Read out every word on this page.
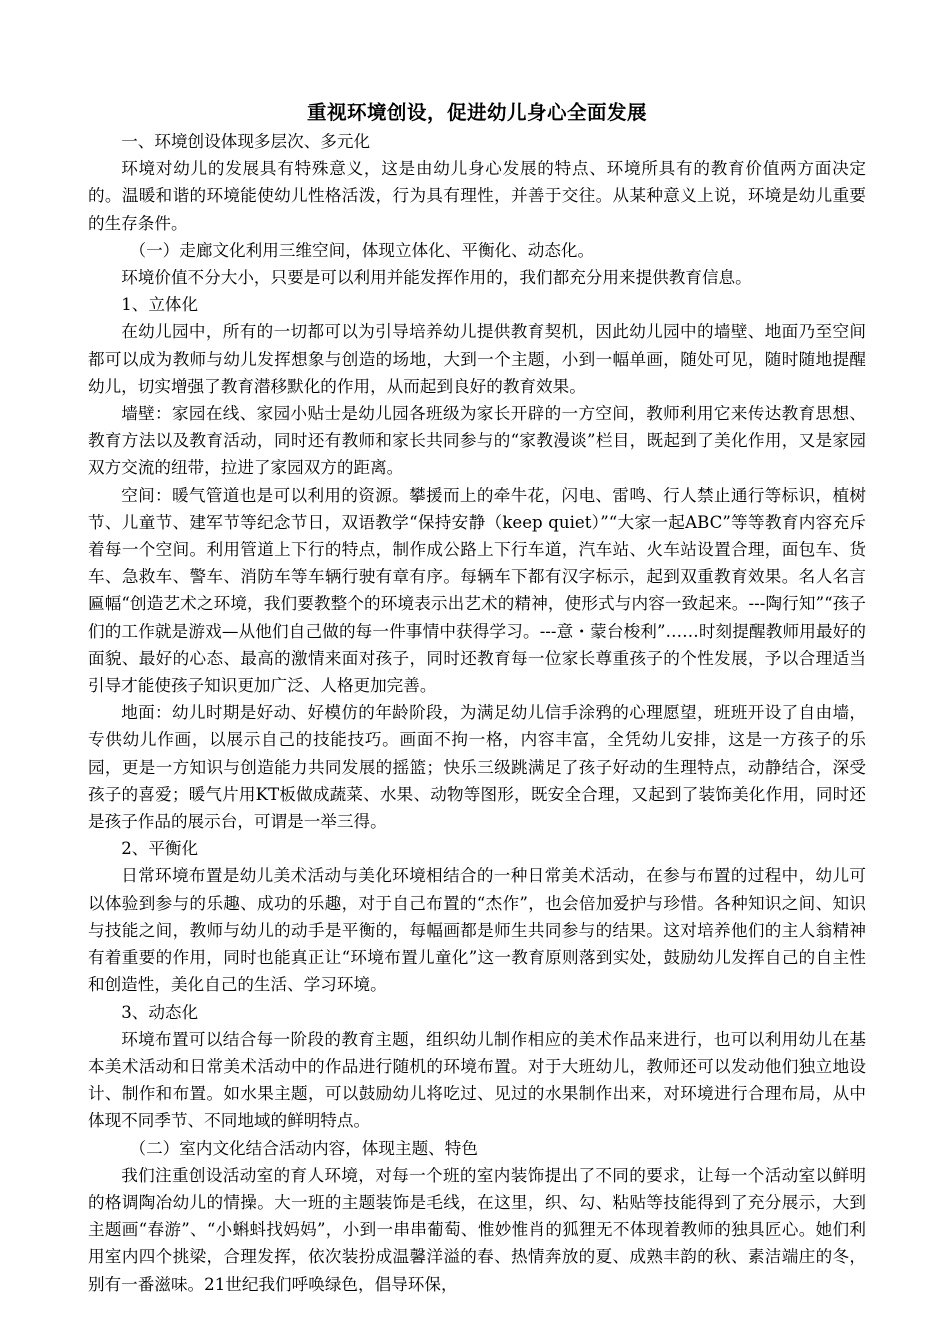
重视环境创设，促进幼儿身心全面发展

一、环境创设体现多层次、多元化

环境对幼儿的发展具有特殊意义，这是由幼儿身心发展的特点、环境所具有的教育价值两方面决定的。温暖和谐的环境能使幼儿性格活泼，行为具有理性，并善于交往。从某种意义上说，环境是幼儿重要的生存条件。

（一）走廊文化利用三维空间，体现立体化、平衡化、动态化。

环境价值不分大小，只要是可以利用并能发挥作用的，我们都充分用来提供教育信息。

1、立体化

在幼儿园中，所有的一切都可以为引导培养幼儿提供教育契机，因此幼儿园中的墙壁、地面乃至空间都可以成为教师与幼儿发挥想象与创造的场地，大到一个主题，小到一幅单画，随处可见，随时随地提醒幼儿，切实增强了教育潜移默化的作用，从而起到良好的教育效果。

墙壁：家园在线、家园小贴士是幼儿园各班级为家长开辟的一方空间，教师利用它来传达教育思想、教育方法以及教育活动，同时还有教师和家长共同参与的“家教漫谈”栏目，既起到了美化作用，又是家园双方交流的纽带，拉进了家园双方的距离。

空间：暖气管道也是可以利用的资源。攀援而上的牵牛花，闪电、雷鸣、行人禁止通行等标识，植树节、儿童节、建军节等纪念节日，双语教学“保持安静（keep quiet）”“大家一起ABC”等等教育内容充斥着每一个空间。利用管道上下行的特点，制作成公路上下行车道，汽车站、火车站设置合理，面包车、货车、急救车、警车、消防车等车辆行驶有章有序。每辆车下都有汉字标示，起到双重教育效果。名人名言匾幅“创造艺术之环境，我们要教整个的环境表示出艺术的精神，使形式与内容一致起来。---陶行知”“孩子们的工作就是游戏—从他们自己做的每一件事情中获得学习。---意・蒙台梭利”……时刻提醒教师用最好的面貌、最好的心态、最高的激情来面对孩子，同时还教育每一位家长尊重孩子的个性发展，予以合理适当引导才能使孩子知识更加广泛、人格更加完善。

地面：幼儿时期是好动、好模仿的年龄阶段，为满足幼儿信手涂鸦的心理愿望，班班开设了自由墙，专供幼儿作画，以展示自己的技能技巧。画面不拘一格，内容丰富，全凭幼儿安排，这是一方孩子的乐园，更是一方知识与创造能力共同发展的摇篮；快乐三级跳满足了孩子好动的生理特点，动静结合，深受孩子的喜爱；暖气片用KT板做成蔬菜、水果、动物等图形，既安全合理，又起到了装饰美化作用，同时还是孩子作品的展示台，可谓是一举三得。

2、平衡化

日常环境布置是幼儿美术活动与美化环境相结合的一种日常美术活动，在参与布置的过程中，幼儿可以体验到参与的乐趣、成功的乐趣，对于自己布置的“杰作”，也会倍加爱护与珍惜。各种知识之间、知识与技能之间，教师与幼儿的动手是平衡的，每幅画都是师生共同参与的结果。这对培养他们的主人翁精神有着重要的作用，同时也能真正让“环境布置儿童化”这一教育原则落到实处，鼓励幼儿发挥自己的自主性和创造性，美化自己的生活、学习环境。

3、动态化

环境布置可以结合每一阶段的教育主题，组织幼儿制作相应的美术作品来进行，也可以利用幼儿在基本美术活动和日常美术活动中的作品进行随机的环境布置。对于大班幼儿，教师还可以发动他们独立地设计、制作和布置。如水果主题，可以鼓励幼儿将吃过、见过的水果制作出来，对环境进行合理布局，从中体现不同季节、不同地域的鲜明特点。

（二）室内文化结合活动内容，体现主题、特色

我们注重创设活动室的育人环境，对每一个班的室内装饰提出了不同的要求，让每一个活动室以鲜明的格调陶冶幼儿的情操。大一班的主题装饰是毛线，在这里，织、勾、粘贴等技能得到了充分展示，大到主题画“春游”、“小蝌蚪找妈妈”，小到一串串葡萄、惟妙惟肖的狐狸无不体现着教师的独具匠心。她们利用室内四个挑梁，合理发挥，依次装扮成温馨洋溢的春、热情奔放的夏、成熟丰韵的秋、素洁端庄的冬，别有一番滋味。21世纪我们呼唤绿色，倡导环保，
